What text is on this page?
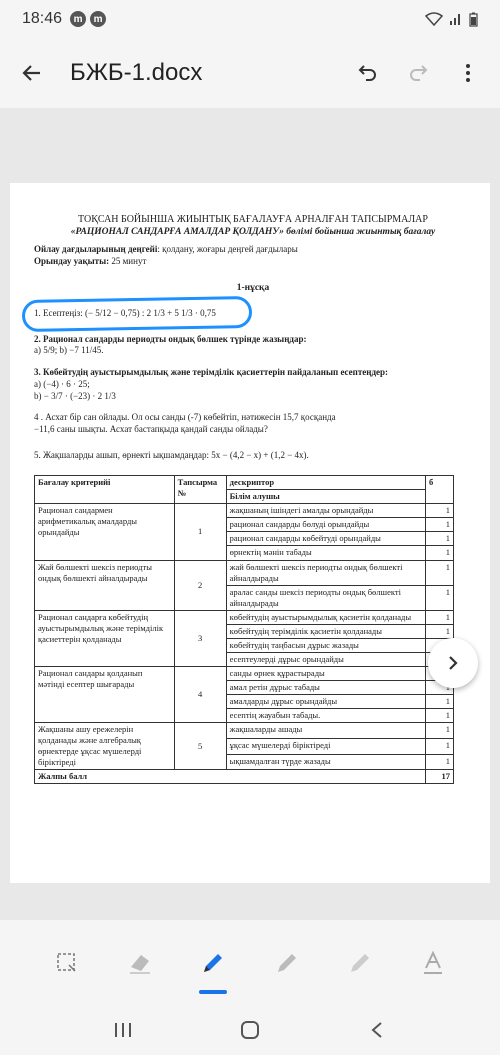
18:46	m	m
БЖБ-1.docx
ТОҚСАН БОЙЫНША ЖИЫНТЫҚ БАҒАЛАУҒА АРНАЛҒАН ТАПСЫРМАЛАР
«РАЦИОНАЛ САНДАРҒА АМАЛДАР ҚОЛДАНУ» бөлімі бойынша жиынтық бағалау
Ойлау дағдыларының деңгейі: қолдану, жоғары деңгей дағдылары
Орындау уақыты: 25 минут
1-нұсқа
1. Есептеңіз: (− 5/12 − 0,75) : 2 1/3 + 5 1/3 · 0,75
2. Рационал сандарды периодты ондық бөлшек түрінде жазыңдар:
а) 5/9; b) −7 11/45.
3. Көбейтудің ауыстырымдылық және терімділік қасиеттерін пайдаланып есептеңдер:
а) (−4) · 6 · 25;
b) − 3/7 · (−23) · 2 1/3
4 . Асхат бір сан ойлады. Ол осы санды (-7) көбейтіп, нәтижесін 15,7 қосқанда
−11,6 саны шықты. Асхат бастапқыда қандай санды ойлады?
5. Жақшаларды ашып, өрнекті ықшамдаңдар: 5x − (4,2 − x) + (1,2 − 4x).
Бағалау критерийі	Тапсырма №	дескриптор	б
		Білім алушы	
Рационал сандармен арифметикалық амалдарды орындайды	1	жақшаның ішіндегі амалды орындайды	1
		рационал сандарды бөлуді орындайды	1
		рационал сандарды көбейтуді орындайды	1
		өрнектің мәнін табады	1
Жай бөлшекті шексіз периодты ондық бөлшекті айналдырады	2	жай бөлшекті шексіз периодты ондық бөлшекті айналдырады	1
		аралас санды шексіз периодты ондық бөлшекті айналдырады	1
Рационал сандарға көбейтудің ауыстырымдылық және терімділік қасиеттерін қолданады	3	көбейтудің ауыстырымдылық қасиетін қолданады	1
		көбейтудің терімділік қасиетін қолданады	1
		көбейтудің таңбасын дұрыс жазады	
		есептеулерді дұрыс орындайды	
Рационал сандары қолданып мәтінді есептер шығарады	4	санды өрнек құрастырады	
		амал ретін дұрыс табады	
		амалдарды дұрыс орындайды	1
		есептің жауабын табады.	1
Жақшаны ашу ережелерін қолданады және алгебралық өрнектерде ұқсас мүшелерді біріктіреді	5	жақшаларды ашады	1
		ұқсас мүшелерді біріктіреді	1
		ықшамдалған түрде жазады	1
Жалпы балл			17
